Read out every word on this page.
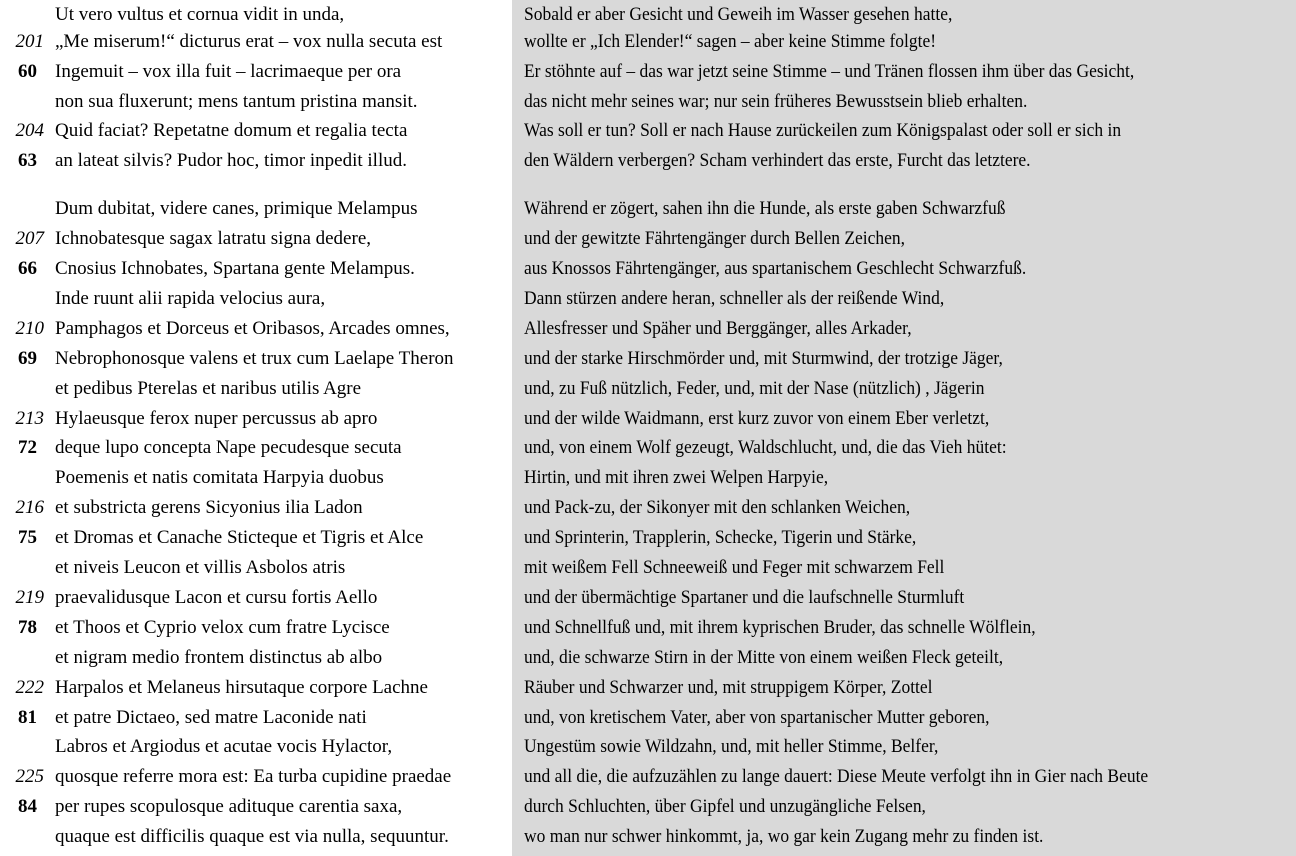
Ut vero vultus et cornua vidit in unda,	Sobald er aber Gesicht und Geweih im Wasser gesehen hatte,
201 „Me miserum!“ dicturus erat – vox nulla secuta est	wollte er „Ich Elender!“ sagen – aber keine Stimme folgte!
60 Ingemuit – vox illa fuit – lacrimaeque per ora	Er stöhnte auf – das war jetzt seine Stimme – und Tränen flossen ihm über das Gesicht,
non sua fluxerunt; mens tantum pristina mansit.	das nicht mehr seines war; nur sein früheres Bewusstsein blieb erhalten.
204 Quid faciat? Repetatne domum et regalia tecta	Was soll er tun? Soll er nach Hause zurückeilen zum Königspalast oder soll er sich in
63 an lateat silvis? Pudor hoc, timor inpedit illud.	den Wäldern verbergen? Scham verhindert das erste, Furcht das letztere.
Dum dubitat, videre canes, primique Melampus	Während er zögert, sahen ihn die Hunde, als erste gaben Schwarzfuß
207 Ichnobatesque sagax latratu signa dedere,	und der gewitzte Fährtengänger durch Bellen Zeichen,
66 Cnosius Ichnobates, Spartana gente Melampus.	aus Knossos Fährtengänger, aus spartanischem Geschlecht Schwarzfuß.
Inde ruunt alii rapida velocius aura,	Dann stürzen andere heran, schneller als der reißende Wind,
210 Pamphagos et Dorceus et Oribasos, Arcades omnes,	Allesfresser und Späher und Berggänger, alles Arkader,
69 Nebrophonosque valens et trux cum Laelape Theron	und der starke Hirschmörder und, mit Sturmwind, der trotzige Jäger,
et pedibus Pterelas et naribus utilis Agre	und, zu Fuß nützlich, Feder, und, mit der Nase (nützlich) , Jägerin
213 Hylaeusque ferox nuper percussus ab apro	und der wilde Waidmann, erst kurz zuvor von einem Eber verletzt,
72 deque lupo concepta Nape pecudesque secuta	und, von einem Wolf gezeugt, Waldschlucht, und, die das Vieh hütet:
Poemenis et natis comitata Harpyia duobus	Hirtin, und mit ihren zwei Welpen Harpyie,
216 et substricta gerens Sicyonius ilia Ladon	und Pack-zu, der Sikonyer mit den schlanken Weichen,
75 et Dromas et Canache Sticteque et Tigris et Alce	und Sprinterin, Trapplerin, Schecke, Tigerin und Stärke,
et niveis Leucon et villis Asbolos atris	mit weißem Fell Schneeweiß und Feger mit schwarzem Fell
219 praevalidusque Lacon et cursu fortis Aello	und der übermächtige Spartaner und die laufschnelle Sturmluft
78 et Thoos et Cyprio velox cum fratre Lycisce	und Schnellfuß und, mit ihrem kyprischen Bruder, das schnelle Wölflein,
et nigram medio frontem distinctus ab albo	und, die schwarze Stirn in der Mitte von einem weißen Fleck geteilt,
222 Harpalos et Melaneus hirsutaque corpore Lachne	Räuber und Schwarzer und, mit struppigem Körper, Zottel
81 et patre Dictaeo, sed matre Laconide nati	und, von kretischem Vater, aber von spartanischer Mutter geboren,
Labros et Argiodus et acutae vocis Hylactor,	Ungestüm sowie Wildzahn, und, mit heller Stimme, Belfer,
225 quosque referre mora est: Ea turba cupidine praedae	und all die, die aufzuzählen zu lange dauert: Diese Meute verfolgt ihn in Gier nach Beute
84 per rupes scopulosque adituque carentia saxa,	durch Schluchten, über Gipfel und unzugängliche Felsen,
quaque est difficilis quaque est via nulla, sequuntur.	wo man nur schwer hinkommt, ja, wo gar kein Zugang mehr zu finden ist.
